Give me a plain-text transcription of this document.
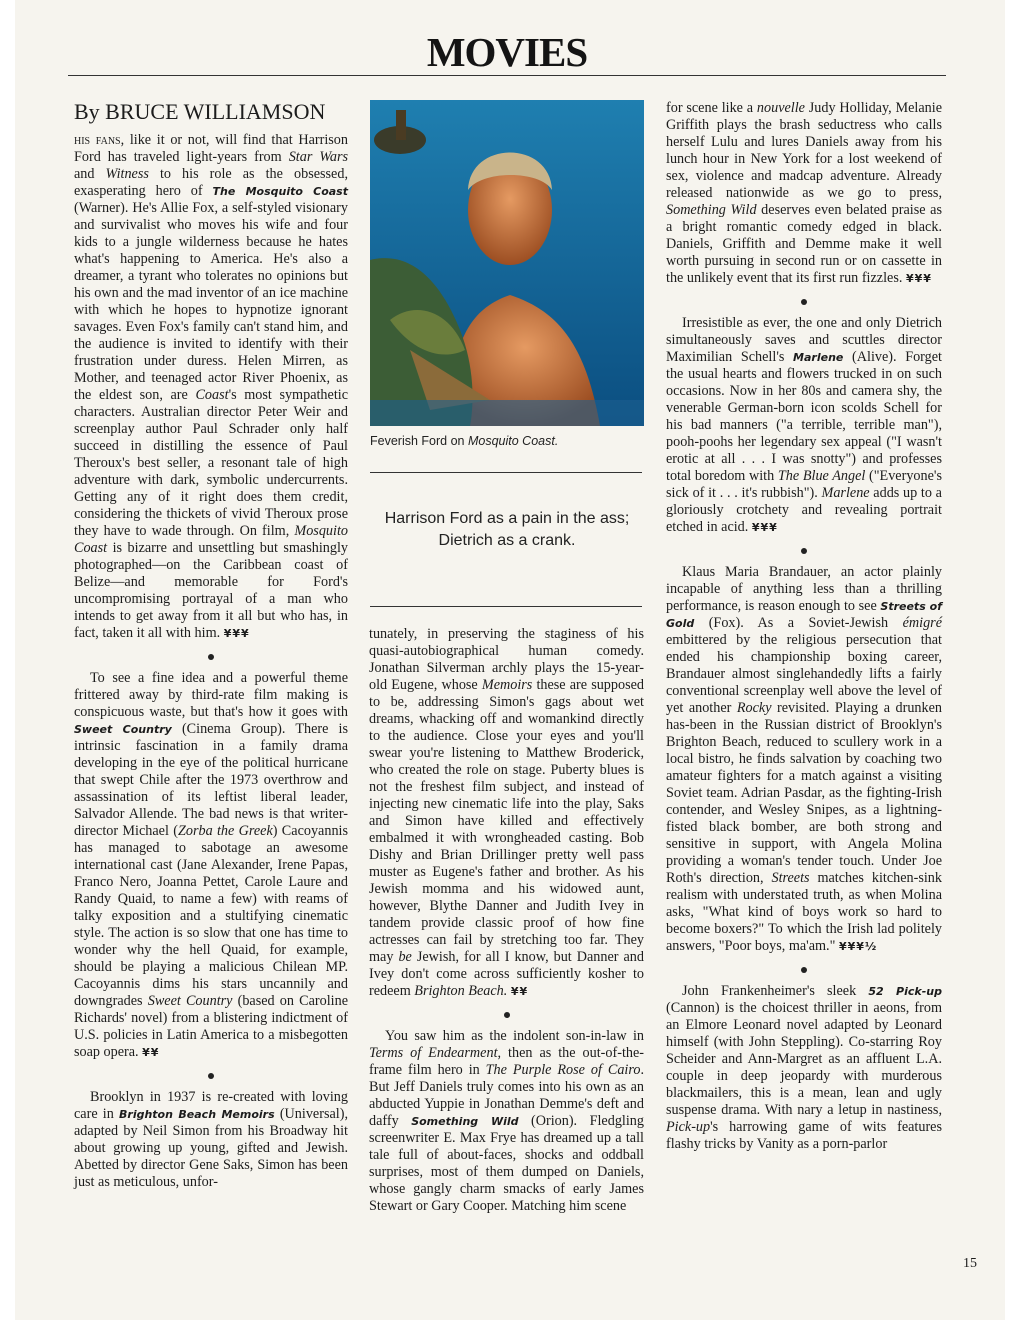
MOVIES
By BRUCE WILLIAMSON

his fans, like it or not, will find that Harrison Ford has traveled light-years from Star Wars and Witness to his role as the obsessed, exasperating hero of The Mosquito Coast (Warner). He's Allie Fox, a self-styled visionary and survivalist who moves his wife and four kids to a jungle wilderness because he hates what's happening to America. He's also a dreamer, a tyrant who tolerates no opinions but his own and the mad inventor of an ice machine with which he hopes to hypnotize ignorant savages. Even Fox's family can't stand him, and the audience is invited to identify with their frustration under duress. Helen Mirren, as Mother, and teenaged actor River Phoenix, as the eldest son, are Coast's most sympathetic characters. Australian director Peter Weir and screenplay author Paul Schrader only half succeed in distilling the essence of Paul Theroux's best seller, a resonant tale of high adventure with dark, symbolic undercurrents. Getting any of it right does them credit, considering the thickets of vivid Theroux prose they have to wade through. On film, Mosquito Coast is bizarre and unsettling but smashingly photographed—on the Caribbean coast of Belize—and memorable for Ford's uncompromising portrayal of a man who intends to get away from it all but who has, in fact, taken it all with him. ¥¥¥

To see a fine idea and a powerful theme frittered away by third-rate film making is conspicuous waste, but that's how it goes with Sweet Country (Cinema Group). There is intrinsic fascination in a family drama developing in the eye of the political hurricane that swept Chile after the 1973 overthrow and assassination of its leftist liberal leader, Salvador Allende. The bad news is that writer-director Michael (Zorba the Greek) Cacoyannis has managed to sabotage an awesome international cast (Jane Alexander, Irene Papas, Franco Nero, Joanna Pettet, Carole Laure and Randy Quaid, to name a few) with reams of talky exposition and a stultifying cinematic style. The action is so slow that one has time to wonder why the hell Quaid, for example, should be playing a malicious Chilean MP. Cacoyannis dims his stars uncannily and downgrades Sweet Country (based on Caroline Richards' novel) from a blistering indictment of U.S. policies in Latin America to a misbegotten soap opera. ¥¥

Brooklyn in 1937 is re-created with loving care in Brighton Beach Memoirs (Universal), adapted by Neil Simon from his Broadway hit about growing up young, gifted and Jewish. Abetted by director Gene Saks, Simon has been just as meticulous, unfor-

Feverish Ford on Mosquito Coast.
Harrison Ford as a pain in the ass; Dietrich as a crank.

tunately, in preserving the staginess of his quasi-autobiographical human comedy. Jonathan Silverman archly plays the 15-year-old Eugene, whose Memoirs these are supposed to be, addressing Simon's gags about wet dreams, whacking off and womankind directly to the audience. Close your eyes and you'll swear you're listening to Matthew Broderick, who created the role on stage. Puberty blues is not the freshest film subject, and instead of injecting new cinematic life into the play, Saks and Simon have killed and effectively embalmed it with wrongheaded casting. Bob Dishy and Brian Drillinger pretty well pass muster as Eugene's father and brother. As his Jewish momma and his widowed aunt, however, Blythe Danner and Judith Ivey in tandem provide classic proof of how fine actresses can fail by stretching too far. They may be Jewish, for all I know, but Danner and Ivey don't come across sufficiently kosher to redeem Brighton Beach. ¥¥

You saw him as the indolent son-in-law in Terms of Endearment, then as the out-of-the-frame film hero in The Purple Rose of Cairo. But Jeff Daniels truly comes into his own as an abducted Yuppie in Jonathan Demme's deft and daffy Something Wild (Orion). Fledgling screenwriter E. Max Frye has dreamed up a tall tale full of about-faces, shocks and oddball surprises, most of them dumped on Daniels, whose gangly charm smacks of early James Stewart or Gary Cooper. Matching him scene

for scene like a nouvelle Judy Holliday, Melanie Griffith plays the brash seductress who calls herself Lulu and lures Daniels away from his lunch hour in New York for a lost weekend of sex, violence and madcap adventure. Already released nationwide as we go to press, Something Wild deserves even belated praise as a bright romantic comedy edged in black. Daniels, Griffith and Demme make it well worth pursuing in second run or on cassette in the unlikely event that its first run fizzles. ¥¥¥

Irresistible as ever, the one and only Dietrich simultaneously saves and scuttles director Maximilian Schell's Marlene (Alive). Forget the usual hearts and flowers trucked in on such occasions. Now in her 80s and camera shy, the venerable German-born icon scolds Schell for his bad manners ("a terrible, terrible man"), pooh-poohs her legendary sex appeal ("I wasn't erotic at all . . . I was snotty") and professes total boredom with The Blue Angel ("Everyone's sick of it . . . it's rubbish"). Marlene adds up to a gloriously crotchety and revealing portrait etched in acid. ¥¥¥

Klaus Maria Brandauer, an actor plainly incapable of anything less than a thrilling performance, is reason enough to see Streets of Gold (Fox). As a Soviet-Jewish émigré embittered by the religious persecution that ended his championship boxing career, Brandauer almost singlehandedly lifts a fairly conventional screenplay well above the level of yet another Rocky revisited. Playing a drunken has-been in the Russian district of Brooklyn's Brighton Beach, reduced to scullery work in a local bistro, he finds salvation by coaching two amateur fighters for a match against a visiting Soviet team. Adrian Pasdar, as the fighting-Irish contender, and Wesley Snipes, as a lightning-fisted black bomber, are both strong and sensitive in support, with Angela Molina providing a woman's tender touch. Under Joe Roth's direction, Streets matches kitchen-sink realism with understated truth, as when Molina asks, "What kind of boys work so hard to become boxers?" To which the Irish lad politely answers, "Poor boys, ma'am." ¥¥¥½

John Frankenheimer's sleek 52 Pick-up (Cannon) is the choicest thriller in aeons, from an Elmore Leonard novel adapted by Leonard himself (with John Steppling). Co-starring Roy Scheider and Ann-Margret as an affluent L.A. couple in deep jeopardy with murderous blackmailers, this is a mean, lean and ugly suspense drama. With nary a letup in nastiness, Pick-up's harrowing game of wits features flashy tricks by Vanity as a porn-parlor

15
